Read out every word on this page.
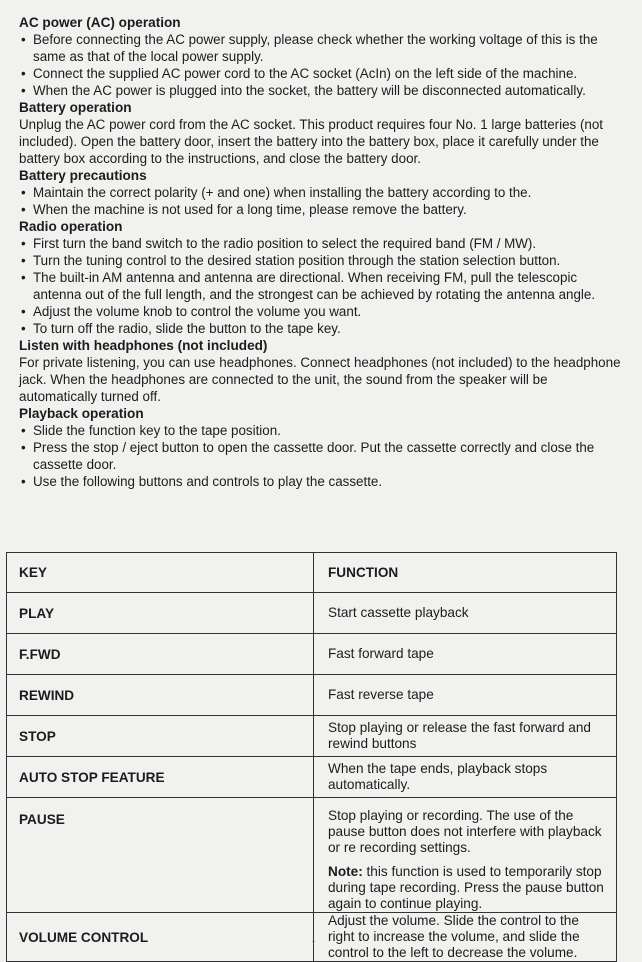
AC power (AC) operation
• Before connecting the AC power supply, please check whether the working voltage of this is the same as that of the local power supply.
• Connect the supplied AC power cord to the AC socket (AcIn) on the left side of the machine.
• When the AC power is plugged into the socket, the battery will be disconnected automatically.
Battery operation

Unplug the AC power cord from the AC socket. This product requires four No. 1 large batteries (not included). Open the battery door, insert the battery into the battery box, place it carefully under the battery box according to the instructions, and close the battery door.

Battery precautions
• Maintain the correct polarity (+ and one) when installing the battery according to the.
• When the machine is not used for a long time, please remove the battery.
Radio operation
• First turn the band switch to the radio position to select the required band (FM / MW).
• Turn the tuning control to the desired station position through the station selection button.
• The built-in AM antenna and antenna are directional. When receiving FM, pull the telescopic antenna out of the full length, and the strongest can be achieved by rotating the antenna angle.
• Adjust the volume knob to control the volume you want.
• To turn off the radio, slide the button to the tape key.
Listen with headphones (not included)

For private listening, you can use headphones. Connect headphones (not included) to the headphone jack. When the headphones are connected to the unit, the sound from the speaker will be automatically turned off.

Playback operation
• Slide the function key to the tape position.
• Press the stop / eject button to open the cassette door. Put the cassette correctly and close the cassette door.
• Use the following buttons and controls to play the cassette.
KEY	FUNCTION
PLAY	Start cassette playback
F.FWD	Fast forward tape
REWIND	Fast reverse tape
STOP	Stop playing or release the fast forward and rewind buttons
AUTO STOP FEATURE	When the tape ends, playback stops automatically.
PAUSE	Stop playing or recording. The use of the pause button does not interfere with playback or re recording settings.
Note: this function is used to temporarily stop during tape recording. Press the pause button again to continue playing.

VOLUME CONTROL	Adjust the volume. Slide the control to the right to increase the volume, and slide the control to the left to decrease the volume.
-
